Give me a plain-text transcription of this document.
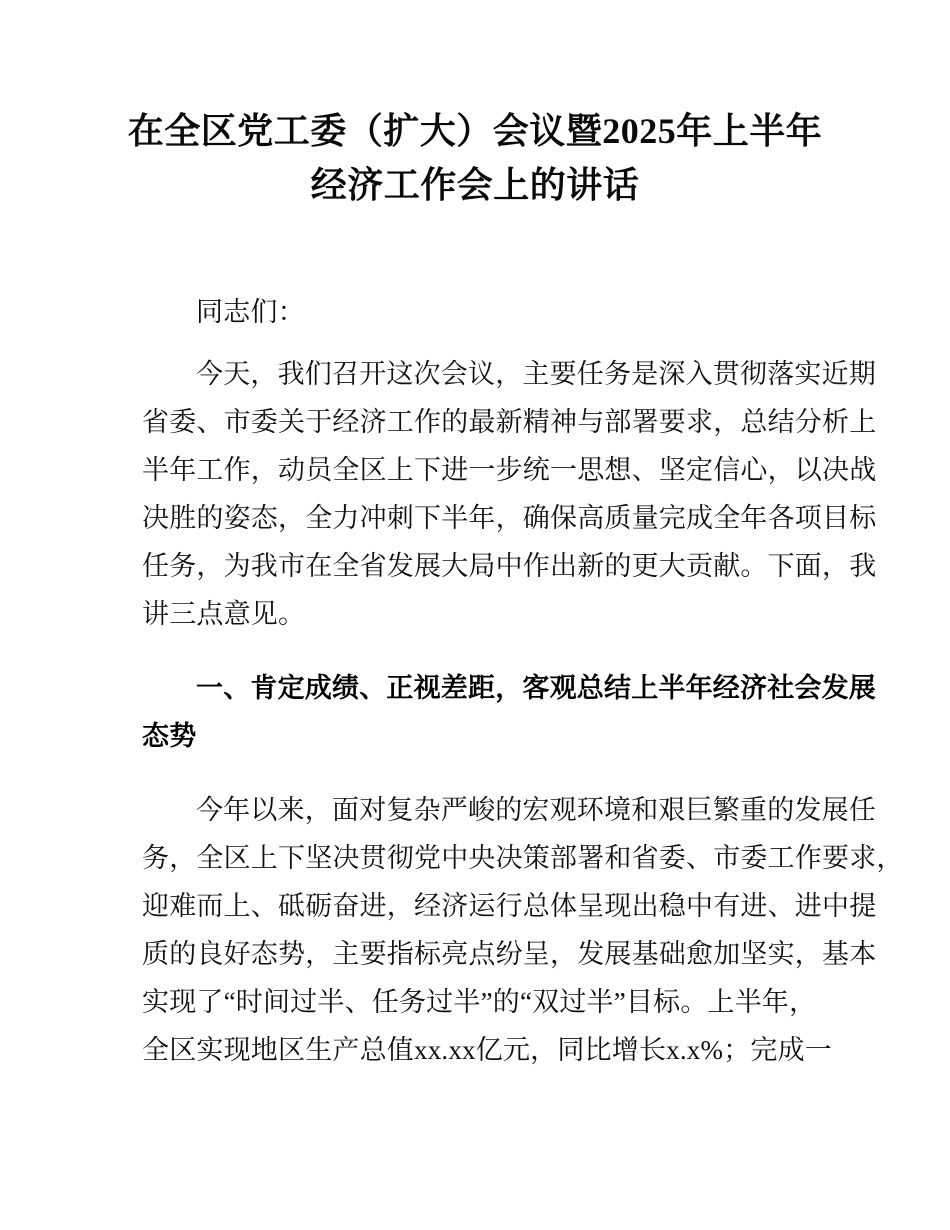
在全区党工委（扩大）会议暨2025年上半年
经济工作会上的讲话
同志们：
今天，我们召开这次会议，主要任务是深入贯彻落实近期
省委、市委关于经济工作的最新精神与部署要求，总结分析上
半年工作，动员全区上下进一步统一思想、坚定信心，以决战
决胜的姿态，全力冲刺下半年，确保高质量完成全年各项目标
任务，为我市在全省发展大局中作出新的更大贡献。下面，我
讲三点意见。
一、肯定成绩、正视差距，客观总结上半年经济社会发展
态势
今年以来，面对复杂严峻的宏观环境和艰巨繁重的发展任
务，全区上下坚决贯彻党中央决策部署和省委、市委工作要求，
迎难而上、砥砺奋进，经济运行总体呈现出稳中有进、进中提
质的良好态势，主要指标亮点纷呈，发展基础愈加坚实，基本
实现了“时间过半、任务过半”的“双过半”目标。上半年，
全区实现地区生产总值xx.xx亿元，同比增长x.x%；完成一
